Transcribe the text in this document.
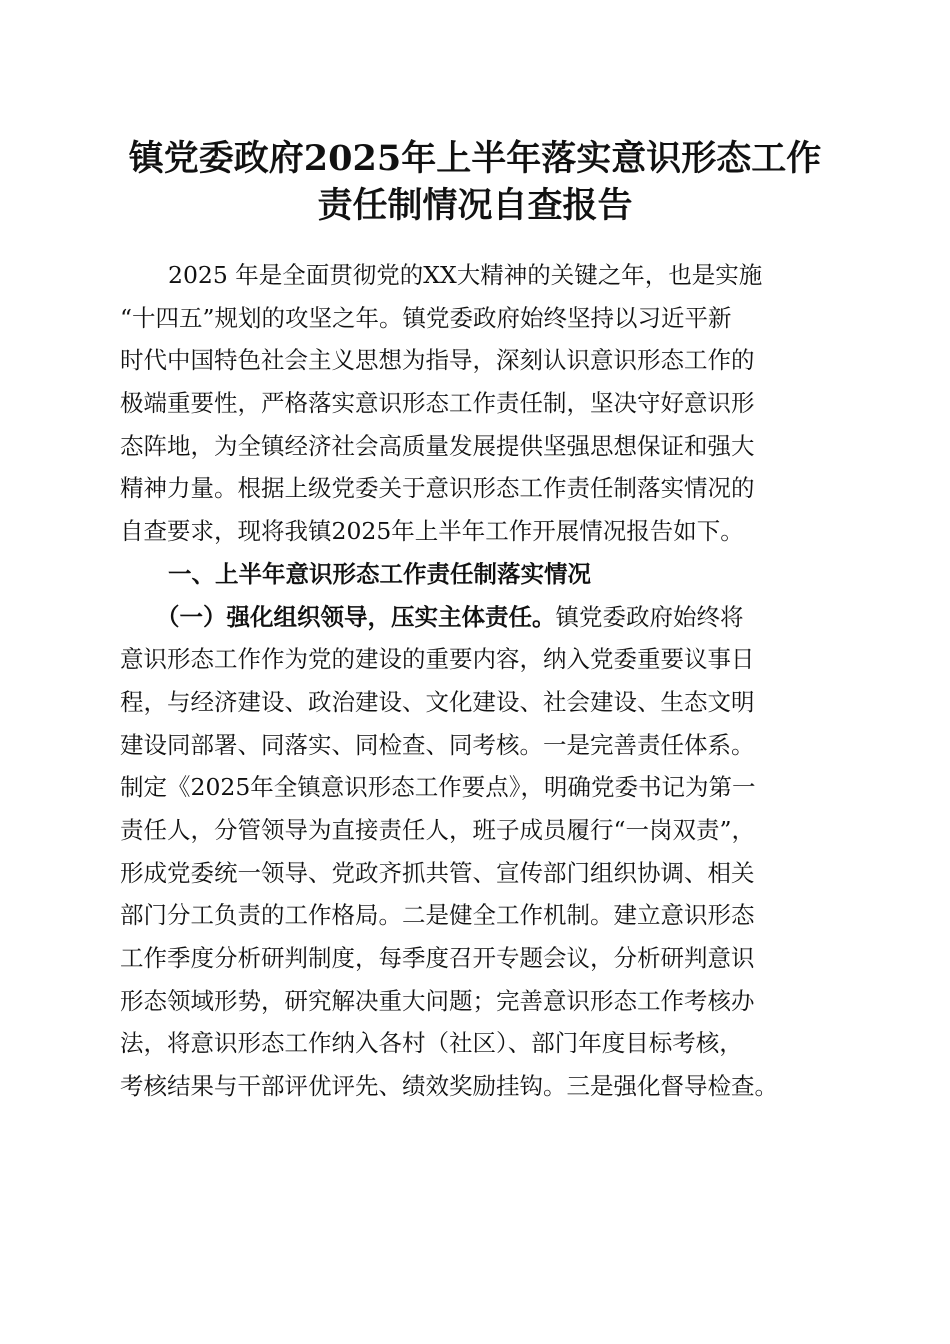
镇党委政府2025年上半年落实意识形态工作
责任制情况自查报告
2025 年是全面贯彻党的XX大精神的关键之年，也是实施
“十四五”规划的攻坚之年。镇党委政府始终坚持以习近平新
时代中国特色社会主义思想为指导，深刻认识意识形态工作的
极端重要性，严格落实意识形态工作责任制，坚决守好意识形
态阵地，为全镇经济社会高质量发展提供坚强思想保证和强大
精神力量。根据上级党委关于意识形态工作责任制落实情况的
自查要求，现将我镇2025年上半年工作开展情况报告如下。
一、上半年意识形态工作责任制落实情况
（一）强化组织领导，压实主体责任。镇党委政府始终将
意识形态工作作为党的建设的重要内容，纳入党委重要议事日
程，与经济建设、政治建设、文化建设、社会建设、生态文明
建设同部署、同落实、同检查、同考核。一是完善责任体系。
制定《2025年全镇意识形态工作要点》，明确党委书记为第一
责任人，分管领导为直接责任人，班子成员履行“一岗双责”，
形成党委统一领导、党政齐抓共管、宣传部门组织协调、相关
部门分工负责的工作格局。二是健全工作机制。建立意识形态
工作季度分析研判制度，每季度召开专题会议，分析研判意识
形态领域形势，研究解决重大问题；完善意识形态工作考核办
法，将意识形态工作纳入各村（社区）、部门年度目标考核，
考核结果与干部评优评先、绩效奖励挂钩。三是强化督导检查。
